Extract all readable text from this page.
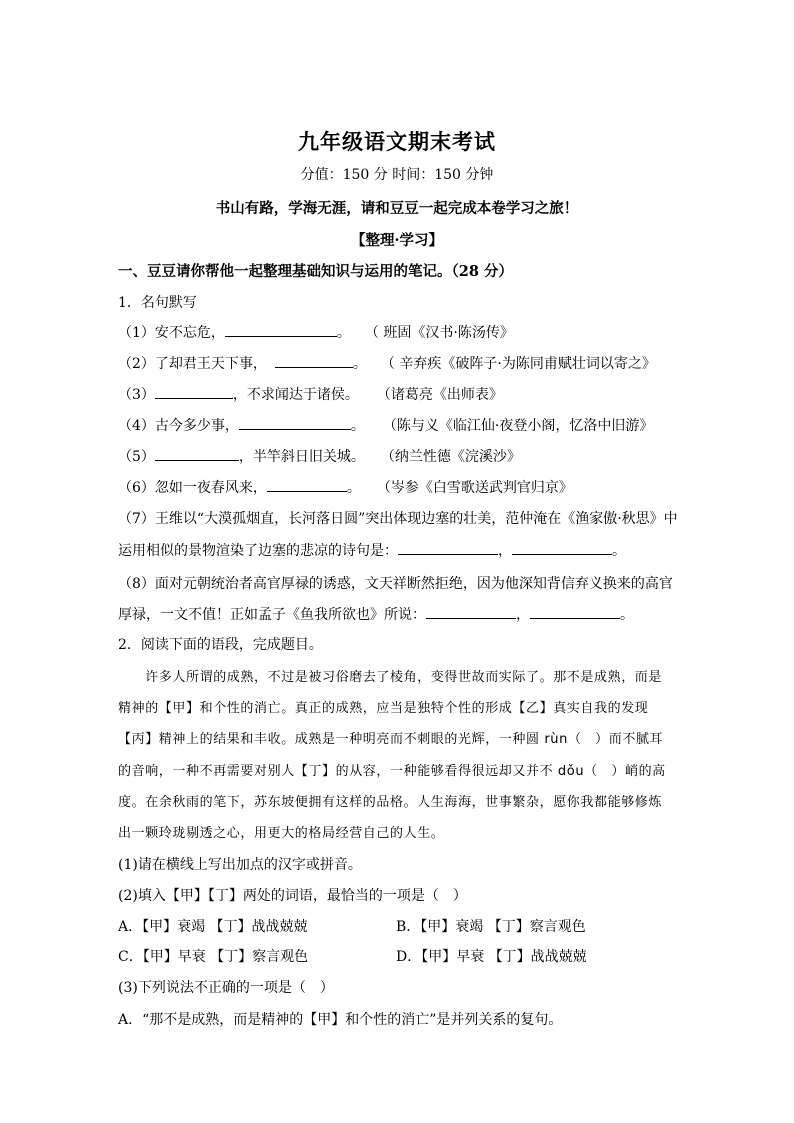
九年级语文期末考试
分值：150 分 时间：150 分钟
书山有路，学海无涯，请和豆豆一起完成本卷学习之旅！
【整理·学习】
一、豆豆请你帮他一起整理基础知识与运用的笔记。（28 分）
1．名句默写
（1）安不忘危，	。 （ 班固《汉书·陈汤传》
（2）了却君王天下事，	。 （ 辛弃疾《破阵子·为陈同甫赋壮词以寄之》
（3）	，不求闻达于诸侯。 （诸葛亮《出师表》
（4）古今多少事，	。 （陈与义《临江仙·夜登小阁，忆洛中旧游》
（5）	，半竿斜日旧关城。 （纳兰性德《浣溪沙》
（6）忽如一夜春风来，	。 （岑参《白雪歌送武判官归京》
（7）王维以“大漠孤烟直，长河落日圆”突出体现边塞的壮美，范仲淹在《渔家傲·秋思》中
运用相似的景物渲染了边塞的悲凉的诗句是：	，	。
（8）面对元朝统治者高官厚禄的诱惑，文天祥断然拒绝，因为他深知背信弃义换来的高官
厚禄，一文不值！正如孟子《鱼我所欲也》所说：	，	。
2．阅读下面的语段，完成题目。
　　许多人所谓的成熟，不过是被习俗磨去了棱角，变得世故而实际了。那不是成熟，而是
精神的【甲】和个性的消亡。真正的成熟，应当是独特个性的形成【乙】真实自我的发现
【丙】精神上的结果和丰收。成熟是一种明亮而不刺眼的光辉，一种圆 rùn（　）而不腻耳
的音响，一种不再需要对别人【丁】的从容，一种能够看得很远却又并不 dǒu（　）峭的高
度。在余秋雨的笔下，苏东坡便拥有这样的品格。人生海海，世事繁杂，愿你我都能够修炼
出一颗玲珑剔透之心，用更大的格局经营自己的人生。
(1)请在横线上写出加点的汉字或拼音。
(2)填入【甲】【丁】两处的词语，最恰当的一项是（　）
A．【甲】衰竭 【丁】战战兢兢	B．【甲】衰竭 【丁】察言观色
C．【甲】早衰 【丁】察言观色	D．【甲】早衰 【丁】战战兢兢
(3)下列说法不正确的一项是（　）
A．“那不是成熟，而是精神的【甲】和个性的消亡”是并列关系的复句。
